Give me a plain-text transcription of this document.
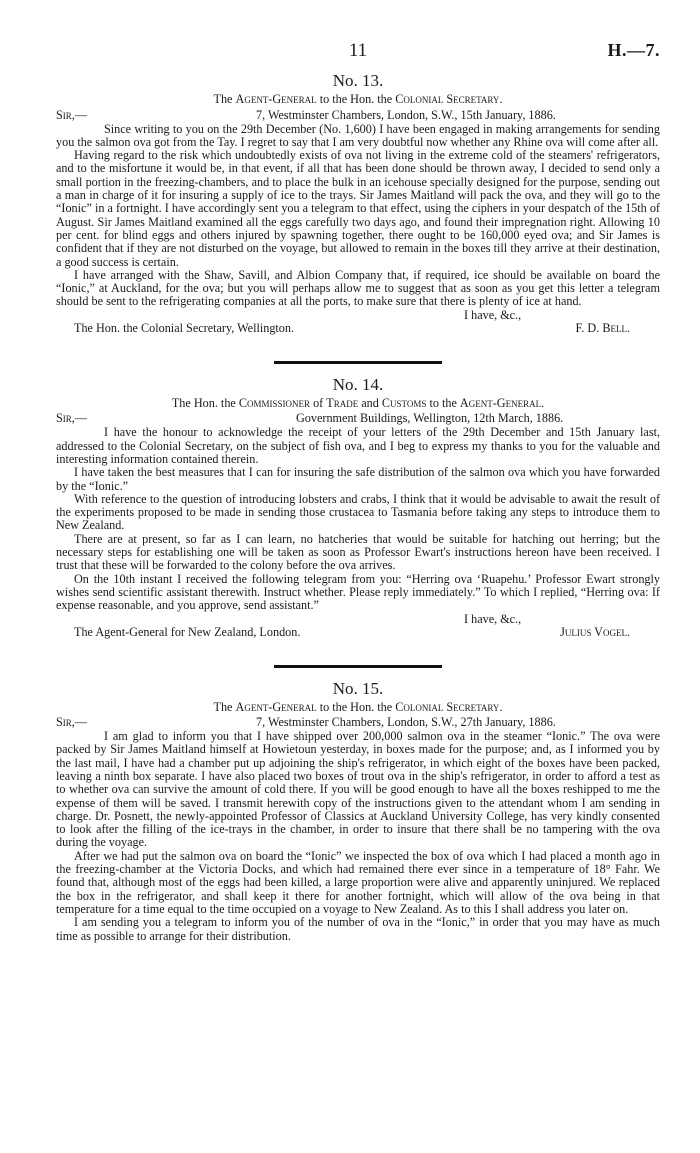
11	H.—7.
No. 13.
The Agent-General to the Hon. the Colonial Secretary.
Sir,—	7, Westminster Chambers, London, S.W., 15th January, 1886.

Since writing to you on the 29th December (No. 1,600) I have been engaged in making arrangements for sending you the salmon ova got from the Tay. I regret to say that I am very doubtful now whether any Rhine ova will come after all.

Having regard to the risk which undoubtedly exists of ova not living in the extreme cold of the steamers' refrigerators, and to the misfortune it would be, in that event, if all that has been done should be thrown away, I decided to send only a small portion in the freezing-chambers, and to place the bulk in an icehouse specially designed for the purpose, sending out a man in charge of it for insuring a supply of ice to the trays. Sir James Maitland will pack the ova, and they will go to the “Ionic” in a fortnight. I have accordingly sent you a telegram to that effect, using the ciphers in your despatch of the 15th of August. Sir James Maitland examined all the eggs carefully two days ago, and found their impregnation right. Allowing 10 per cent. for blind eggs and others injured by spawning together, there ought to be 160,000 eyed ova; and Sir James is confident that if they are not disturbed on the voyage, but allowed to remain in the boxes till they arrive at their destination, a good success is certain.

I have arranged with the Shaw, Savill, and Albion Company that, if required, ice should be available on board the “Ionic,” at Auckland, for the ova; but you will perhaps allow me to suggest that as soon as you get this letter a telegram should be sent to the refrigerating companies at all the ports, to make sure that there is plenty of ice at hand.

I have, &c.,
The Hon. the Colonial Secretary, Wellington.	F. D. Bell.
No. 14.
The Hon. the Commissioner of Trade and Customs to the Agent-General.
Sir,—	Government Buildings, Wellington, 12th March, 1886.

I have the honour to acknowledge the receipt of your letters of the 29th December and 15th January last, addressed to the Colonial Secretary, on the subject of fish ova, and I beg to express my thanks to you for the valuable and interesting information contained therein.

I have taken the best measures that I can for insuring the safe distribution of the salmon ova which you have forwarded by the “Ionic.”

With reference to the question of introducing lobsters and crabs, I think that it would be advisable to await the result of the experiments proposed to be made in sending those crustacea to Tasmania before taking any steps to introduce them to New Zealand.

There are at present, so far as I can learn, no hatcheries that would be suitable for hatching out herring; but the necessary steps for establishing one will be taken as soon as Professor Ewart's instructions hereon have been received. I trust that these will be forwarded to the colony before the ova arrives.

On the 10th instant I received the following telegram from you: “Herring ova ‘Ruapehu.’ Professor Ewart strongly wishes send scientific assistant therewith. Instruct whether. Please reply immediately.” To which I replied, “Herring ova: If expense reasonable, and you approve, send assistant.”

I have, &c.,
The Agent-General for New Zealand, London.	Julius Vogel.
No. 15.
The Agent-General to the Hon. the Colonial Secretary.
Sir,—	7, Westminster Chambers, London, S.W., 27th January, 1886.

I am glad to inform you that I have shipped over 200,000 salmon ova in the steamer “Ionic.” The ova were packed by Sir James Maitland himself at Howietoun yesterday, in boxes made for the purpose; and, as I informed you by the last mail, I have had a chamber put up adjoining the ship's refrigerator, in which eight of the boxes have been packed, leaving a ninth box separate. I have also placed two boxes of trout ova in the ship's refrigerator, in order to afford a test as to whether ova can survive the amount of cold there. If you will be good enough to have all the boxes reshipped to me the expense of them will be saved. I transmit herewith copy of the instructions given to the attendant whom I am sending in charge. Dr. Posnett, the newly-appointed Professor of Classics at Auckland University College, has very kindly consented to look after the filling of the ice-trays in the chamber, in order to insure that there shall be no tampering with the ova during the voyage.

After we had put the salmon ova on board the “Ionic” we inspected the box of ova which I had placed a month ago in the freezing-chamber at the Victoria Docks, and which had remained there ever since in a temperature of 18° Fahr. We found that, although most of the eggs had been killed, a large proportion were alive and apparently uninjured. We replaced the box in the refrigerator, and shall keep it there for another fortnight, which will allow of the ova being in that temperature for a time equal to the time occupied on a voyage to New Zealand. As to this I shall address you later on.

I am sending you a telegram to inform you of the number of ova in the “Ionic,” in order that you may have as much time as possible to arrange for their distribution.
